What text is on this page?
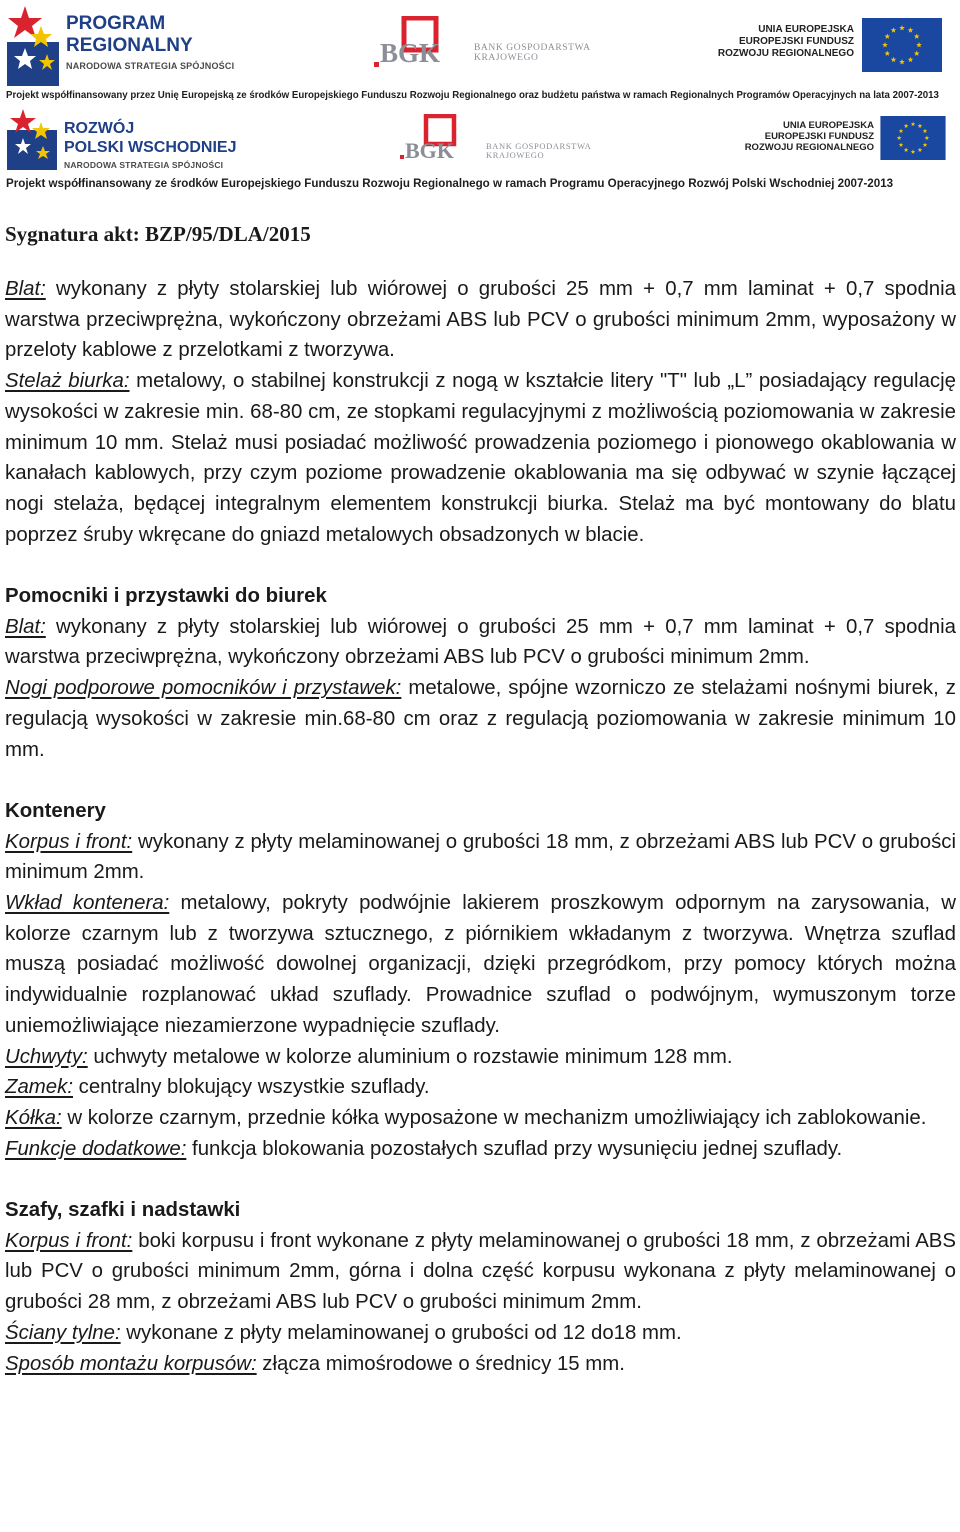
PROGRAM
REGIONALNY
NARODOWA STRATEGIA SPÓJNOŚCI	BGK	BANK GOSPODARSTWA
KRAJOWEGO
UNIA EUROPEJSKA
EUROPEJSKI FUNDUSZ
ROZWOJU REGIONALNEGO
Projekt współfinansowany przez Unię Europejską ze środków Europejskiego Funduszu Rozwoju Regionalnego oraz budżetu państwa w ramach Regionalnych Programów Operacyjnych na lata 2007-2013
ROZWÓJ
POLSKI WSCHODNIEJ
NARODOWA STRATEGIA SPÓJNOŚCI
BGK	BANK GOSPODARSTWA
KRAJOWEGO
UNIA EUROPEJSKA
EUROPEJSKI FUNDUSZ
ROZWOJU REGIONALNEGO
Projekt współfinansowany ze środków Europejskiego Funduszu Rozwoju Regionalnego w ramach Programu Operacyjnego Rozwój Polski Wschodniej 2007-2013
Sygnatura akt: BZP/95/DLA/2015

Blat: wykonany z płyty stolarskiej lub wiórowej o grubości 25 mm + 0,7 mm laminat + 0,7 spodnia warstwa przeciwprężna, wykończony obrzeżami ABS lub PCV o grubości minimum 2mm, wyposażony w przeloty kablowe z przelotkami z tworzywa.

Stelaż biurka: metalowy, o stabilnej konstrukcji z nogą w kształcie litery "T" lub „L” posiadający regulację wysokości w zakresie min. 68-80 cm, ze stopkami regulacyjnymi z możliwością poziomowania w zakresie minimum 10 mm. Stelaż musi posiadać możliwość prowadzenia poziomego i pionowego okablowania w kanałach kablowych, przy czym poziome prowadzenie okablowania ma się odbywać w szynie łączącej nogi stelaża, będącej integralnym elementem konstrukcji biurka. Stelaż ma być montowany do blatu poprzez śruby wkręcane do gniazd metalowych obsadzonych w blacie.

Pomocniki i przystawki do biurek

Blat: wykonany z płyty stolarskiej lub wiórowej o grubości 25 mm + 0,7 mm laminat + 0,7 spodnia warstwa przeciwprężna, wykończony obrzeżami ABS lub PCV o grubości minimum 2mm.

Nogi podporowe pomocników i przystawek: metalowe, spójne wzorniczo ze stelażami nośnymi biurek, z regulacją wysokości w zakresie min.68-80 cm oraz z regulacją poziomowania w zakresie minimum 10 mm.

Kontenery

Korpus i front: wykonany z płyty melaminowanej o grubości 18 mm, z obrzeżami ABS lub PCV o grubości minimum 2mm.

Wkład kontenera: metalowy, pokryty podwójnie lakierem proszkowym odpornym na zarysowania, w kolorze czarnym lub z tworzywa sztucznego, z piórnikiem wkładanym z tworzywa. Wnętrza szuflad muszą posiadać możliwość dowolnej organizacji, dzięki przegródkom, przy pomocy których można indywidualnie rozplanować układ szuflady. Prowadnice szuflad o podwójnym, wymuszonym torze uniemożliwiające niezamierzone wypadnięcie szuflady.

Uchwyty: uchwyty metalowe w kolorze aluminium o rozstawie minimum 128 mm.

Zamek: centralny blokujący wszystkie szuflady.

Kółka: w kolorze czarnym, przednie kółka wyposażone w mechanizm umożliwiający ich zablokowanie.

Funkcje dodatkowe: funkcja blokowania pozostałych szuflad przy wysunięciu jednej szuflady.

Szafy, szafki i nadstawki

Korpus i front: boki korpusu i front wykonane z płyty melaminowanej o grubości 18 mm, z obrzeżami ABS lub PCV o grubości minimum 2mm, górna i dolna część korpusu wykonana z płyty melaminowanej o grubości 28 mm, z obrzeżami ABS lub PCV o grubości minimum 2mm.

Ściany tylne: wykonane z płyty melaminowanej o grubości od 12 do18 mm.

Sposób montażu korpusów: złącza mimośrodowe o średnicy 15 mm.
